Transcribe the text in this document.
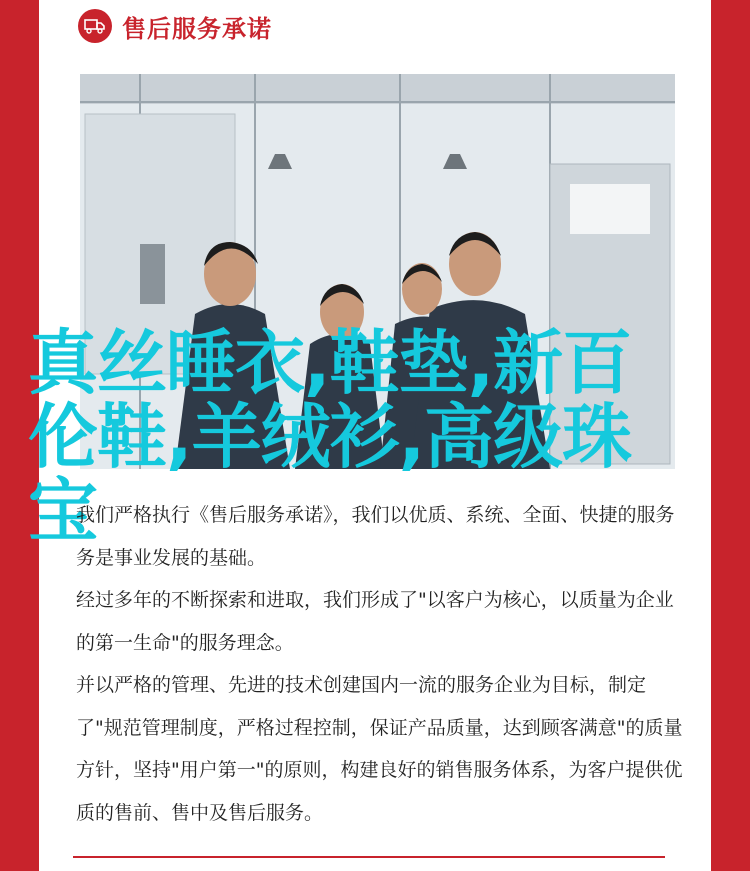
售后服务承诺
真丝睡衣,鞋垫,新百伦鞋,羊绒衫,高级珠宝

我们严格执行《售后服务承诺》，我们以优质、系统、全面、快捷的服务务是事业发展的基础。

经过多年的不断探索和进取，我们形成了"以客户为核心，以质量为企业的第一生命"的服务理念。

并以严格的管理、先进的技术创建国内一流的服务企业为目标，制定了"规范管理制度，严格过程控制，保证产品质量，达到顾客满意"的质量方针，坚持"用户第一"的原则，构建良好的销售服务体系，为客户提供优质的售前、售中及售后服务。
